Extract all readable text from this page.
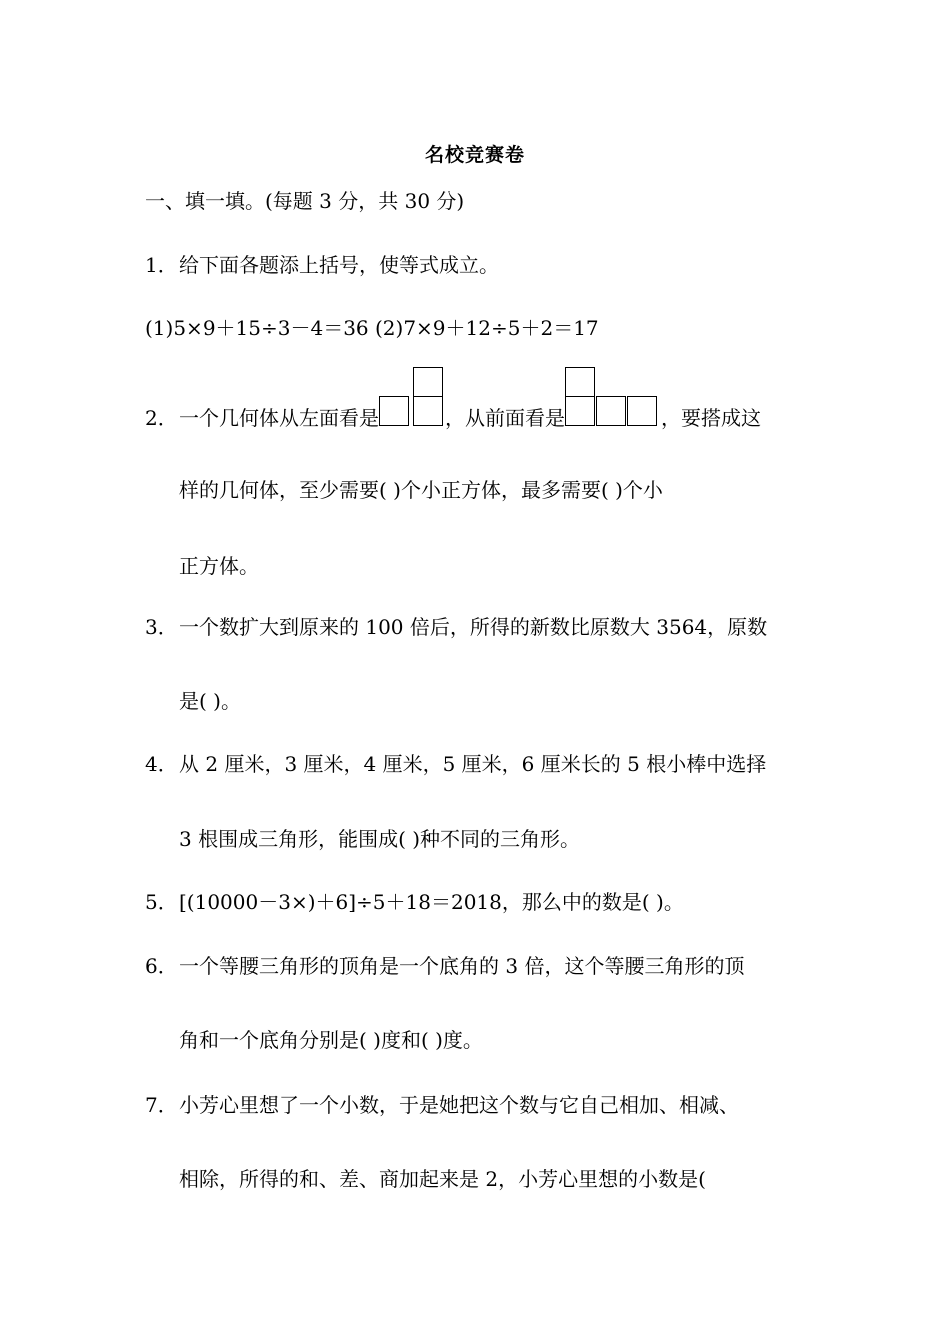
名校竞赛卷
一、填一填。(每题 3 分，共 30 分)
1．给下面各题添上括号，使等式成立。
(1)5×9＋15÷3－4＝36 (2)7×9＋12÷5＋2＝17
2．一个几何体从左面看是	，从前面看是	，要搭成这
样的几何体，至少需要( )个小正方体，最多需要( )个小
正方体。
3．一个数扩大到原来的 100 倍后，所得的新数比原数大 3564，原数
是( )。
4．从 2 厘米，3 厘米，4 厘米，5 厘米，6 厘米长的 5 根小棒中选择
3 根围成三角形，能围成( )种不同的三角形。
5．[(10000－3×)＋6]÷5＋18＝2018，那么中的数是( )。
6．一个等腰三角形的顶角是一个底角的 3 倍，这个等腰三角形的顶
角和一个底角分别是( )度和( )度。
7．小芳心里想了一个小数，于是她把这个数与它自己相加、相减、
相除，所得的和、差、商加起来是 2，小芳心里想的小数是(
